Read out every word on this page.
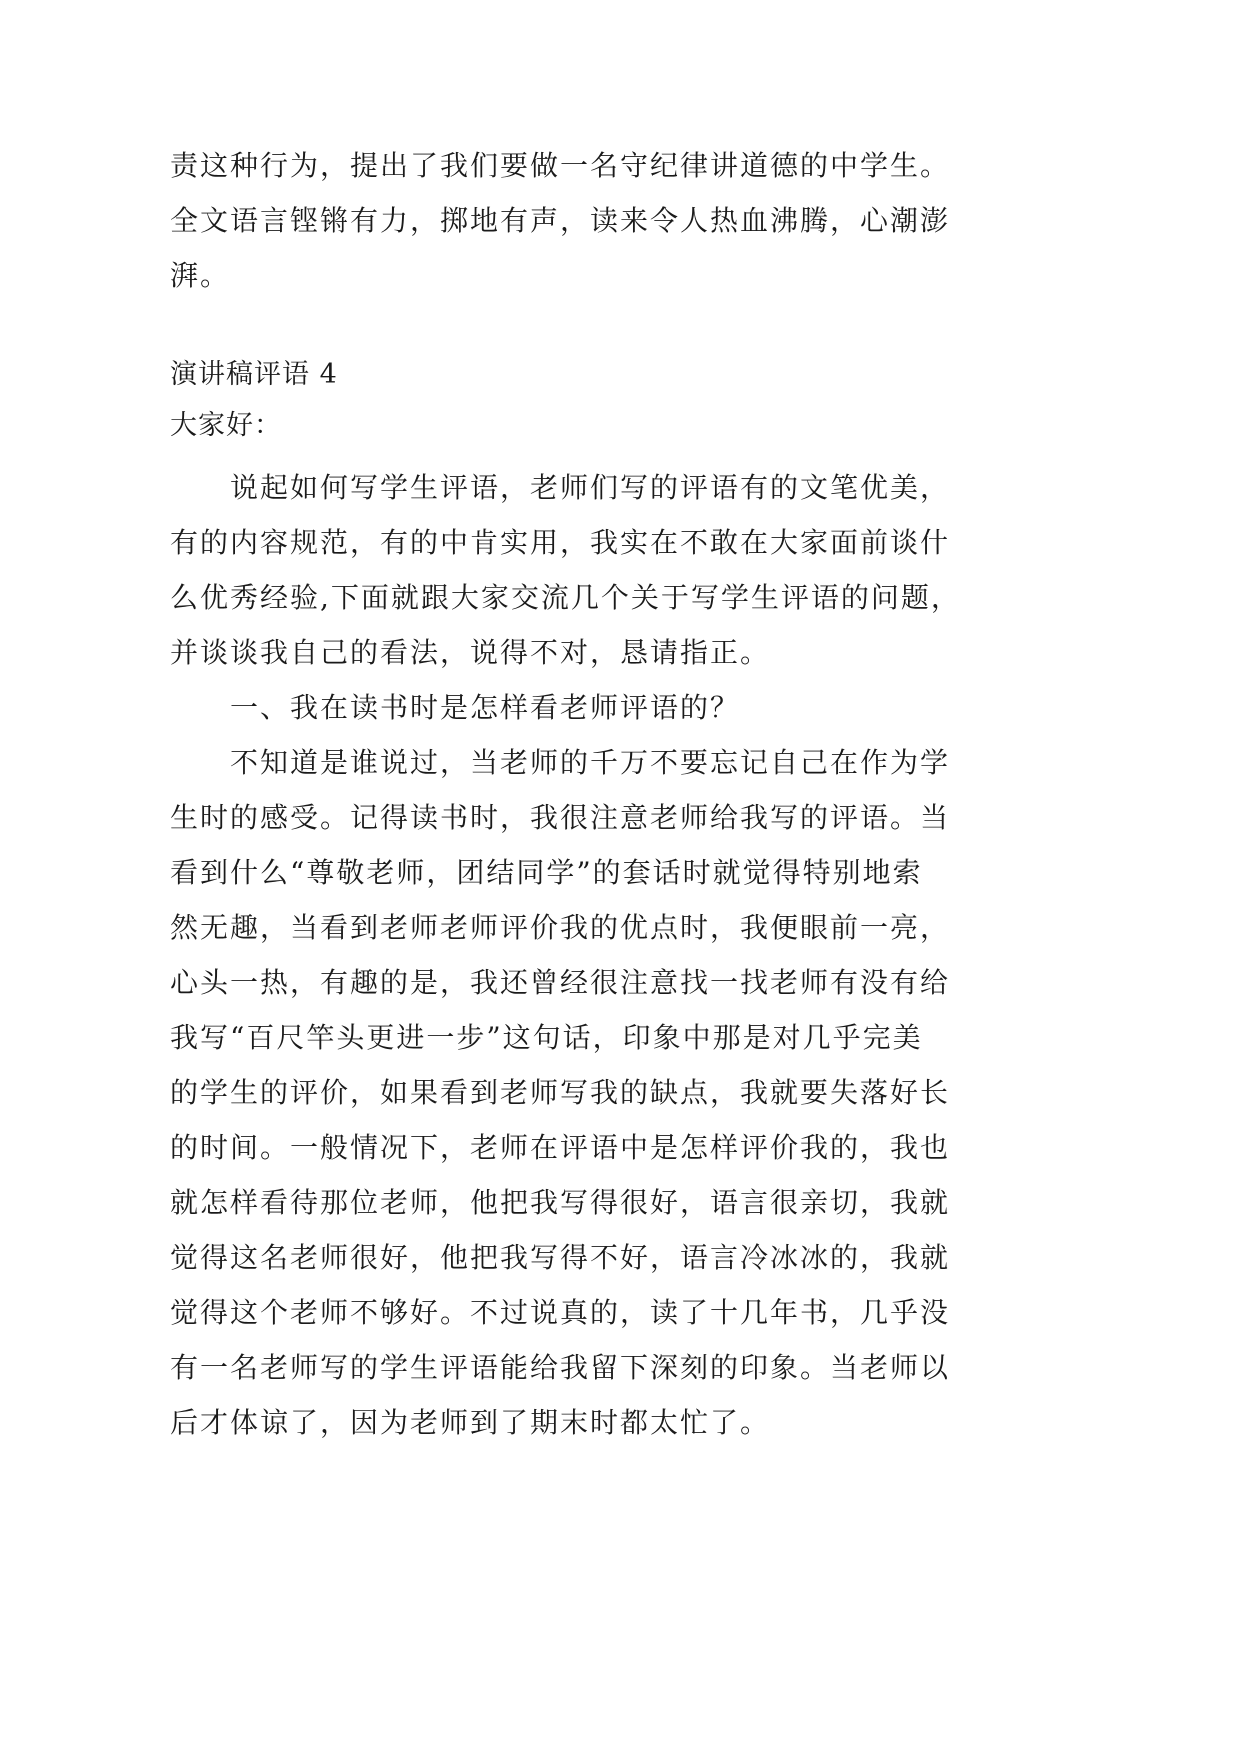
责这种行为，提出了我们要做一名守纪律讲道德的中学生。
全文语言铿锵有力，掷地有声，读来令人热血沸腾，心潮澎
湃。
演讲稿评语 4
大家好：
　　说起如何写学生评语，老师们写的评语有的文笔优美，
有的内容规范，有的中肯实用，我实在不敢在大家面前谈什
么优秀经验,下面就跟大家交流几个关于写学生评语的问题，
并谈谈我自己的看法，说得不对，恳请指正。
　　一、我在读书时是怎样看老师评语的？
　　不知道是谁说过，当老师的千万不要忘记自己在作为学
生时的感受。记得读书时，我很注意老师给我写的评语。当
看到什么“尊敬老师，团结同学”的套话时就觉得特别地索
然无趣，当看到老师老师评价我的优点时，我便眼前一亮，
心头一热，有趣的是，我还曾经很注意找一找老师有没有给
我写“百尺竿头更进一步”这句话，印象中那是对几乎完美
的学生的评价，如果看到老师写我的缺点，我就要失落好长
的时间。一般情况下，老师在评语中是怎样评价我的，我也
就怎样看待那位老师，他把我写得很好，语言很亲切，我就
觉得这名老师很好，他把我写得不好，语言冷冰冰的，我就
觉得这个老师不够好。不过说真的，读了十几年书，几乎没
有一名老师写的学生评语能给我留下深刻的印象。当老师以
后才体谅了，因为老师到了期末时都太忙了。
